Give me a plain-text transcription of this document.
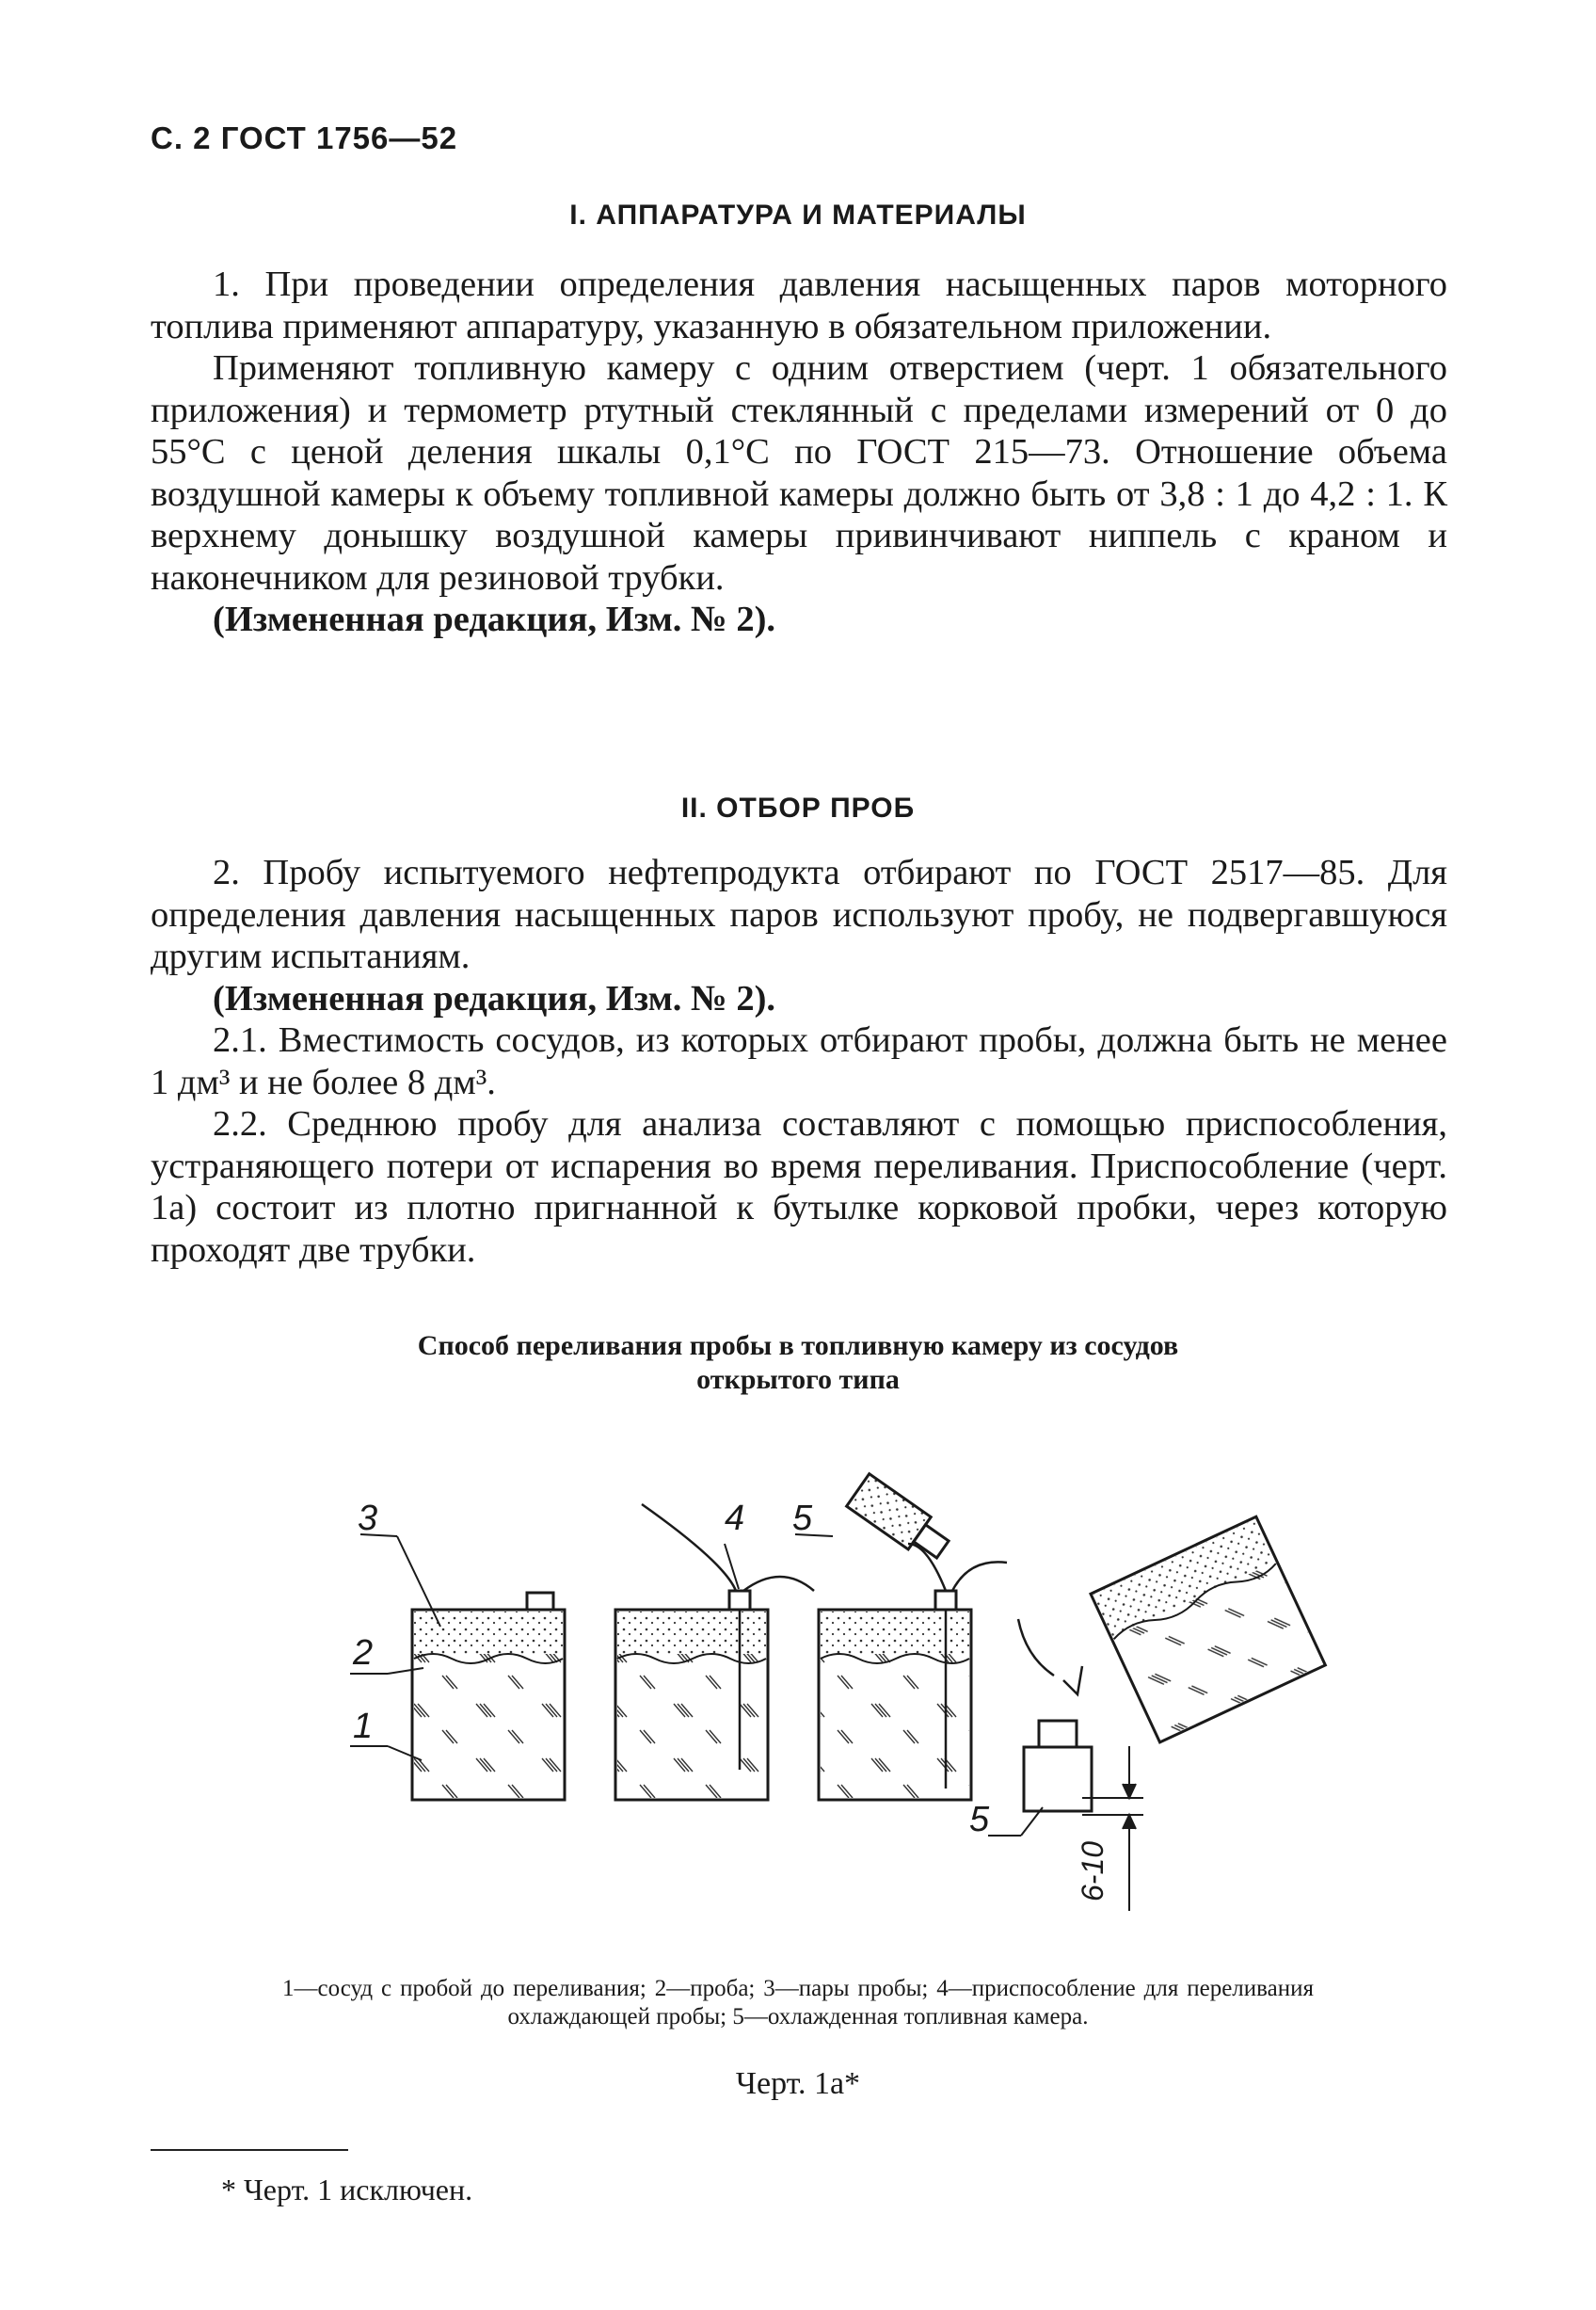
С. 2 ГОСТ 1756—52
I. АППАРАТУРА И МАТЕРИАЛЫ

1. При проведении определения давления насыщенных паров моторного топлива применяют аппаратуру, указанную в обязательном приложении.

Применяют топливную камеру с одним отверстием (черт. 1 обязательного приложения) и термометр ртутный стеклянный с пределами измерений от 0 до 55°С с ценой деления шкалы 0,1°С по ГОСТ 215—73. Отношение объема воздушной камеры к объему топливной камеры должно быть от 3,8 : 1 до 4,2 : 1. К верхнему донышку воздушной камеры привинчивают ниппель с краном и наконечником для резиновой трубки.

(Измененная редакция, Изм. № 2).

II. ОТБОР ПРОБ

2. Пробу испытуемого нефтепродукта отбирают по ГОСТ 2517—85. Для определения давления насыщенных паров используют пробу, не подвергавшуюся другим испытаниям.

(Измененная редакция, Изм. № 2).

2.1. Вместимость сосудов, из которых отбирают пробы, должна быть не менее 1 дм³ и не более 8 дм³.

2.2. Среднюю пробу для анализа составляют с помощью приспособления, устраняющего потери от испарения во время переливания. Приспособление (черт. 1а) состоит из плотно пригнанной к бутылке корковой пробки, через которую проходят две трубки.

Способ переливания пробы в топливную камеру из сосудов
открытого типа
3
2
1
4 5
5
6-10
1—сосуд с пробой до переливания; 2—проба; 3—пары пробы; 4—приспособление для переливания охлаждающей пробы; 5—охлажденная топливная камера.
Черт. 1а*
* Черт. 1 исключен.
